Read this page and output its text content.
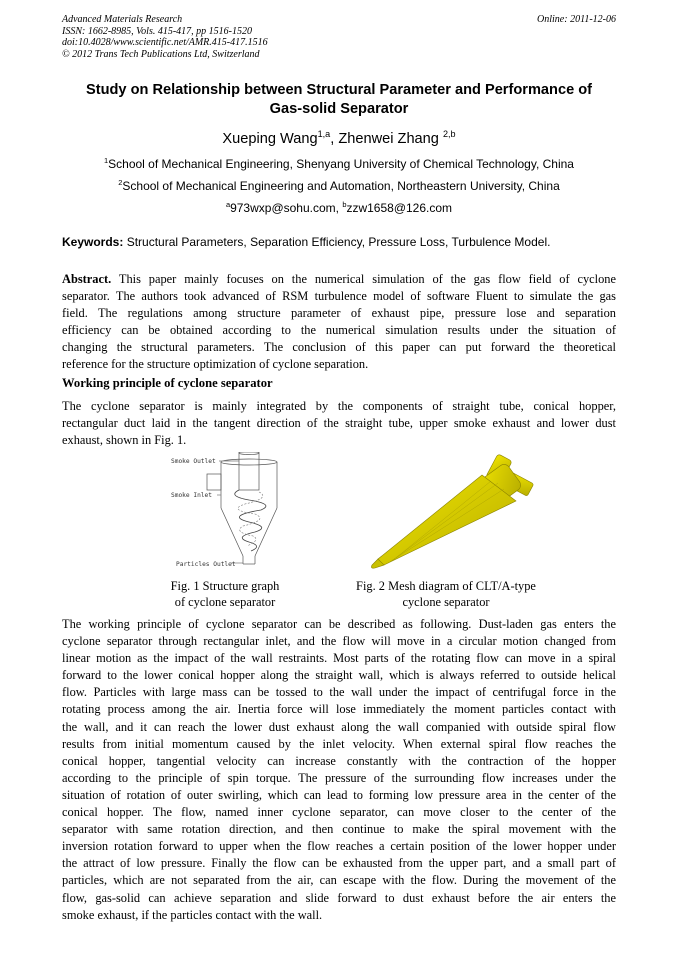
Advanced Materials Research	Online: 2011-12-06
ISSN: 1662-8985, Vols. 415-417, pp 1516-1520
doi:10.4028/www.scientific.net/AMR.415-417.1516
© 2012 Trans Tech Publications Ltd, Switzerland
Study on Relationship between Structural Parameter and Performance of
Gas-solid Separator
Xueping Wang$^{1,a}$, Zhenwei Zhang $^{2,b}$
$^1$School of Mechanical Engineering, Shenyang University of Chemical Technology, China
$^2$School of Mechanical Engineering and Automation, Northeastern University, China
$^a$973wxp@sohu.com, $^b$zzw1658@126.com
Keywords: Structural Parameters, Separation Efficiency, Pressure Loss, Turbulence Model.
Abstract. This paper mainly focuses on the numerical simulation of the gas flow field of cyclone
separator. The authors took advanced of RSM turbulence model of software Fluent to simulate the gas
field. The regulations among structure parameter of exhaust pipe, pressure lose and separation
efficiency can be obtained according to the numerical simulation results under the situation of
changing the structural parameters. The conclusion of this paper can put forward the theoretical
reference for the structure optimization of cyclone separation.
Working principle of cyclone separator
The cyclone separator is mainly integrated by the components of straight tube, conical hopper,
rectangular duct laid in the tangent direction of the straight tube, upper smoke exhaust and lower dust
exhaust, shown in Fig. 1.
Smoke Outlet
Smoke Inlet
Particles Outlet
Fig. 1 Structure graph
of cyclone separator
Fig. 2 Mesh diagram of CLT/A-type
cyclone separator
The working principle of cyclone separator can be described as following. Dust-laden gas enters the
cyclone separator through rectangular inlet, and the flow will move in a circular motion changed from
linear motion as the impact of the wall restraints. Most parts of the rotating flow can move in a spiral
forward to the lower conical hopper along the straight wall, which is always referred to outside helical
flow. Particles with large mass can be tossed to the wall under the impact of centrifugal force in the
rotating process among the air. Inertia force will lose immediately the moment particles contact with
the wall, and it can reach the lower dust exhaust along the wall companied with outside spiral flow
results from initial momentum caused by the inlet velocity. When external spiral flow reaches the
conical hopper, tangential velocity can increase constantly with the contraction of the hopper
according to the principle of spin torque. The pressure of the surrounding flow increases under the
situation of rotation of outer swirling, which can lead to forming low pressure area in the center of the
conical hopper. The flow, named inner cyclone separator, can move closer to the center of the
separator with same rotation direction, and then continue to make the spiral movement with the
inversion rotation forward to upper when the flow reaches a certain position of the lower hopper under
the attract of low pressure. Finally the flow can be exhausted from the upper part, and a small part of
particles, which are not separated from the air, can escape with the flow. During the movement of the
flow, gas-solid can achieve separation and slide forward to dust exhaust before the air enters the
smoke exhaust, if the particles contact with the wall.
